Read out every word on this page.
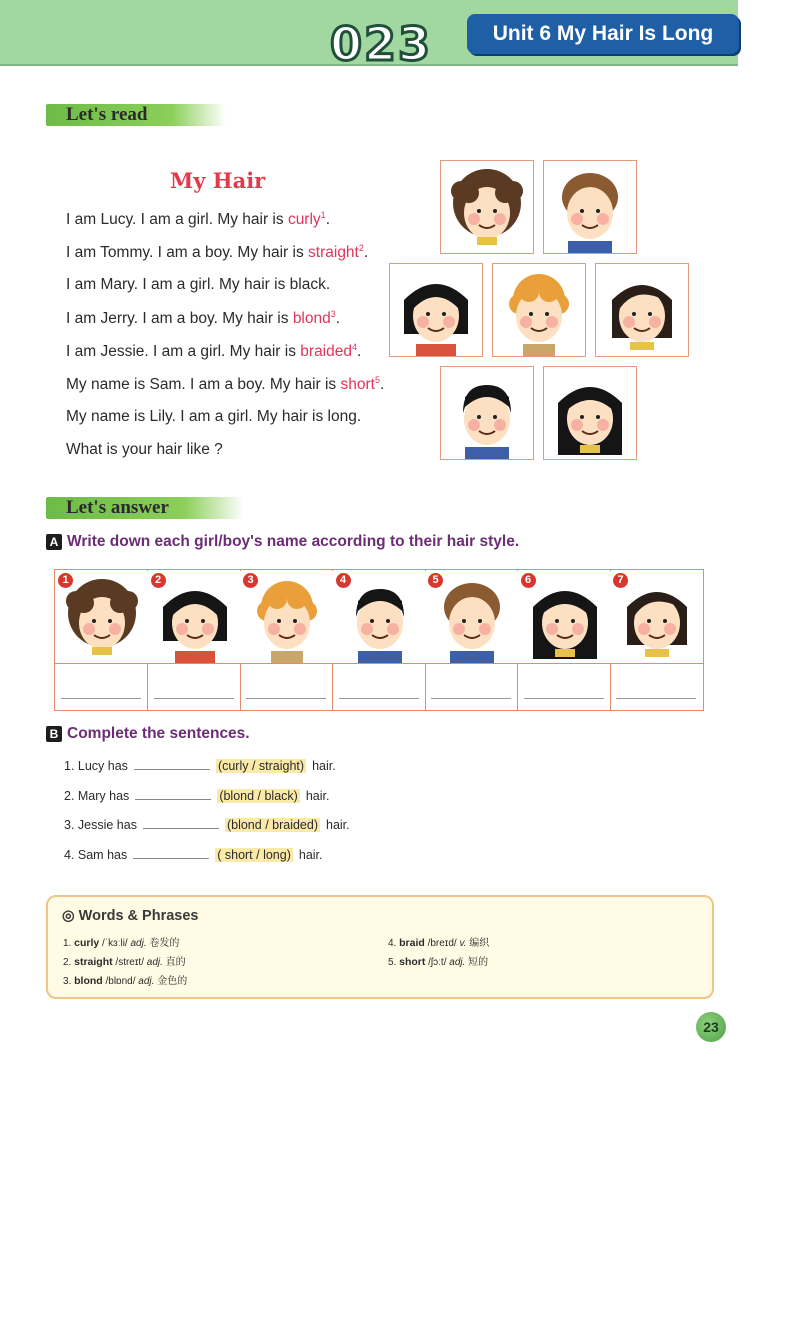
023	Unit 6 My Hair Is Long
Let's read
My Hair
I am Lucy. I am a girl. My hair is curly$^1$.
I am Tommy. I am a boy. My hair is straight$^2$.
I am Mary. I am a girl. My hair is black.
I am Jerry. I am a boy. My hair is blond$^3$.
I am Jessie. I am a girl. My hair is braided$^4$.
My name is Sam. I am a boy. My hair is short$^5$.
My name is Lily. I am a girl. My hair is long.
What is your hair like ?
Let's answer
A Write down each girl/boy's name according to their hair style.
1	2	3	4	5	6	7
B Complete the sentences.
1. Lucy has	(curly / straight) hair.
2. Mary has	(blond / black) hair.
3. Jessie has	(blond / braided) hair.
4. Sam has	( short / long) hair.
◎ Words & Phrases
1. curly /ˈkɜːli/ adj. 卷发的
2. straight /streɪt/ adj. 直的
3. blond /blɒnd/ adj. 金色的
4. braid /breɪd/ v. 编织
5. short /ʃɔːt/ adj. 短的
23
